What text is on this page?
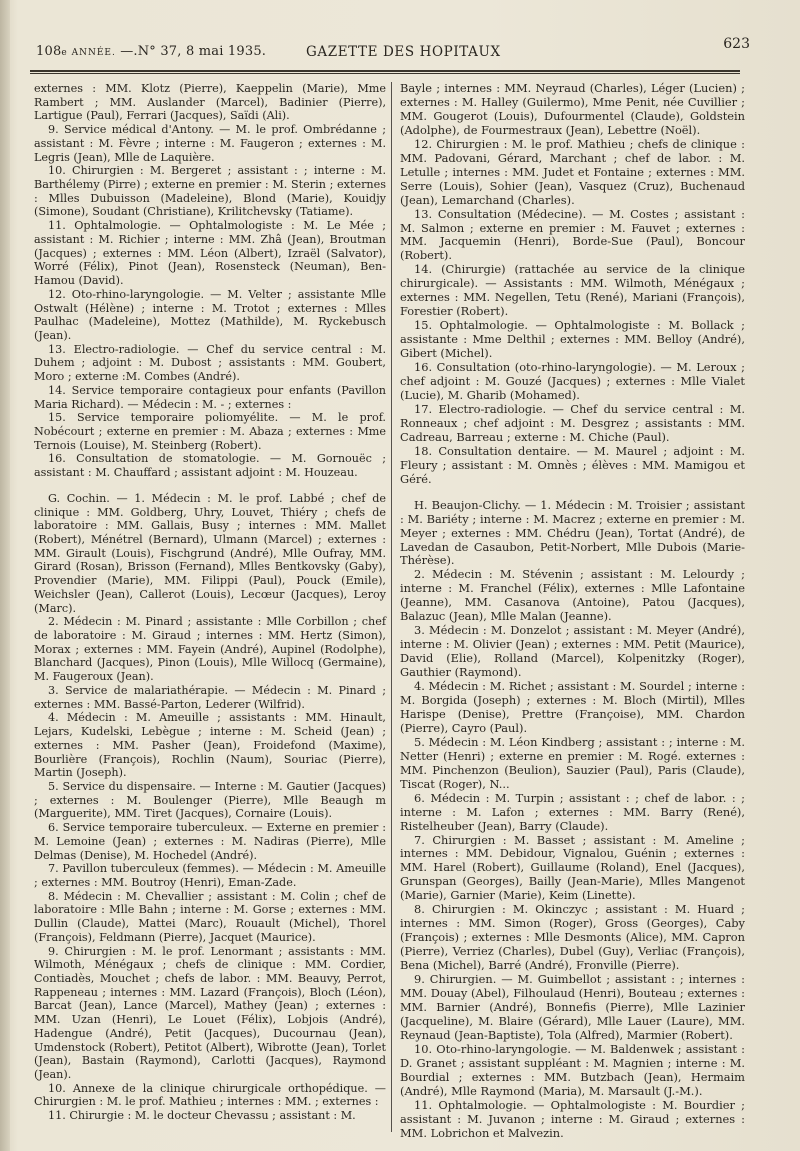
108e ANNÉE. —.N° 37, 8 mai 1935.	GAZETTE DES HOPITAUX	623

externes : MM. Klotz (Pierre), Kaeppelin (Marie), Mme Rambert ; MM. Auslander (Marcel), Badinier (Pierre), Lartigue (Paul), Ferrari (Jacques), Saïdi (Ali).

9. Service médical d'Antony. — M. le prof. Ombrédanne ; assistant : M. Fèvre ; interne : M. Faugeron ; externes : M. Legris (Jean), Mlle de Laquière.

10. Chirurgien : M. Bergeret ; assistant : ; interne : M. Barthélemy (Pirre) ; externe en premier : M. Sterin ; externes : Mlles Dubuisson (Madeleine), Blond (Marie), Kouidjy (Simone), Soudant (Christiane), Krilitchevsky (Tatiame).

11. Ophtalmologie. — Ophtalmologiste : M. Le Mée ; assistant : M. Richier ; interne : MM. Zhâ (Jean), Broutman (Jacques) ; externes : MM. Léon (Albert), Izraël (Salvator), Worré (Félix), Pinot (Jean), Rosensteck (Neuman), Ben-Hamou (David).

12. Oto-rhino-laryngologie. — M. Velter ; assistante Mlle Ostwalt (Hélène) ; interne : M. Trotot ; externes : Mlles Paulhac (Madeleine), Mottez (Mathilde), M. Ryckebusch (Jean).

13. Electro-radiologie. — Chef du service central : M. Duhem ; adjoint : M. Dubost ; assistants : MM. Goubert, Moro ; externe :M. Combes (André).

14. Service temporaire contagieux pour enfants (Pavillon Maria Richard). — Médecin : M. - ; externes :

15. Service temporaire poliomyélite. — M. le prof. Nobécourt ; externe en premier : M. Abaza ; externes : Mme Ternois (Louise), M. Steinberg (Robert).

16. Consultation de stomatologie. — M. Gornouëc ; assistant : M. Chauffard ; assistant adjoint : M. Houzeau.

G. Cochin. — 1. Médecin : M. le prof. Labbé ; chef de clinique : MM. Goldberg, Uhry, Louvet, Thiéry ; chefs de laboratoire : MM. Gallais, Busy ; internes : MM. Mallet (Robert), Ménétrel (Bernard), Ulmann (Marcel) ; externes : MM. Girault (Louis), Fischgrund (André), Mlle Oufray, MM. Girard (Rosan), Brisson (Fernand), Mlles Bentkovsky (Gaby), Provendier (Marie), MM. Filippi (Paul), Pouck (Emile), Weichsler (Jean), Callerot (Louis), Lecœur (Jacques), Leroy (Marc).

2. Médecin : M. Pinard ; assistante : Mlle Corbillon ; chef de laboratoire : M. Giraud ; internes : MM. Hertz (Simon), Morax ; externes : MM. Fayein (André), Aupinel (Rodolphe), Blanchard (Jacques), Pinon (Louis), Mlle Willocq (Germaine), M. Faugeroux (Jean).

3. Service de malariathérapie. — Médecin : M. Pinard ; externes : MM. Bassé-Parton, Lederer (Wilfrid).

4. Médecin : M. Ameuille ; assistants : MM. Hinault, Lejars, Kudelski, Lebègue ; interne : M. Scheid (Jean) ; externes : MM. Pasher (Jean), Froidefond (Maxime), Bourlière (François), Rochlin (Naum), Souriac (Pierre), Martin (Joseph).

5. Service du dispensaire. — Interne : M. Gautier (Jacques) ; externes : M. Boulenger (Pierre), Mlle Beaugh m (Marguerite), MM. Tiret (Jacques), Cornaire (Louis).

6. Service temporaire tuberculeux. — Externe en premier : M. Lemoine (Jean) ; externes : M. Nadiras (Pierre), Mlle Delmas (Denise), M. Hochedel (André).

7. Pavillon tuberculeux (femmes). — Médecin : M. Ameuille ; externes : MM. Boutroy (Henri), Eman-Zade.

8. Médecin : M. Chevallier ; assistant : M. Colin ; chef de laboratoire : Mlle Bahn ; interne : M. Gorse ; externes : MM. Dullin (Claude), Mattei (Marc), Rouault (Michel), Thorel (François), Feldmann (Pierre), Jacquet (Maurice).

9. Chirurgien : M. le prof. Lenormant ; assistants : MM. Wilmoth, Ménégaux ; chefs de clinique : MM. Cordier, Contiadès, Mouchet ; chefs de labor. : MM. Beauvy, Perrot, Rappeneau ; internes : MM. Lazard (François), Bloch (Léon), Barcat (Jean), Lance (Marcel), Mathey (Jean) ; externes : MM. Uzan (Henri), Le Louet (Félix), Lobjois (André), Hadengue (André), Petit (Jacques), Ducournau (Jean), Umdenstock (Robert), Petitot (Albert), Wibrotte (Jean), Torlet (Jean), Bastain (Raymond), Carlotti (Jacques), Raymond (Jean).

10. Annexe de la clinique chirurgicale orthopédique. — Chirurgien : M. le prof. Mathieu ; internes : MM. ; externes :

11. Chirurgie : M. le docteur Chevassu ; assistant : M.

Bayle ; internes : MM. Neyraud (Charles), Léger (Lucien) ; externes : M. Halley (Guilermo), Mme Penit, née Cuvillier ; MM. Gougerot (Louis), Dufourmentel (Claude), Goldstein (Adolphe), de Fourmestraux (Jean), Lebettre (Noël).

12. Chirurgien : M. le prof. Mathieu ; chefs de clinique : MM. Padovani, Gérard, Marchant ; chef de labor. : M. Letulle ; internes : MM. Judet et Fontaine ; externes : MM. Serre (Louis), Sohier (Jean), Vasquez (Cruz), Buchenaud (Jean), Lemarchand (Charles).

13. Consultation (Médecine). — M. Costes ; assistant : M. Salmon ; externe en premier : M. Fauvet ; externes : MM. Jacquemin (Henri), Borde-Sue (Paul), Boncour (Robert).

14. (Chirurgie) (rattachée au service de la clinique chirurgicale). — Assistants : MM. Wilmoth, Ménégaux ; externes : MM. Negellen, Tetu (René), Mariani (François), Forestier (Robert).

15. Ophtalmologie. — Ophtalmologiste : M. Bollack ; assistante : Mme Delthil ; externes : MM. Belloy (André), Gibert (Michel).

16. Consultation (oto-rhino-laryngologie). — M. Leroux ; chef adjoint : M. Gouzé (Jacques) ; externes : Mlle Vialet (Lucie), M. Gharib (Mohamed).

17. Electro-radiologie. — Chef du service central : M. Ronneaux ; chef adjoint : M. Desgrez ; assistants : MM. Cadreau, Barreau ; externe : M. Chiche (Paul).

18. Consultation dentaire. — M. Maurel ; adjoint : M. Fleury ; assistant : M. Omnès ; élèves : MM. Mamigou et Géré.

H. Beaujon-Clichy. — 1. Médecin : M. Troisier ; assistant : M. Bariéty ; interne : M. Macrez ; externe en premier : M. Meyer ; externes : MM. Chédru (Jean), Tortat (André), de Lavedan de Casaubon, Petit-Norbert, Mlle Dubois (Marie-Thérèse).

2. Médecin : M. Stévenin ; assistant : M. Lelourdy ; interne : M. Franchel (Félix), externes : Mlle Lafontaine (Jeanne), MM. Casanova (Antoine), Patou (Jacques), Balazuc (Jean), Mlle Malan (Jeanne).

3. Médecin : M. Donzelot ; assistant : M. Meyer (André), interne : M. Olivier (Jean) ; externes : MM. Petit (Maurice), David (Elie), Rolland (Marcel), Kolpenitzky (Roger), Gauthier (Raymond).

4. Médecin : M. Richet ; assistant : M. Sourdel ; interne : M. Borgida (Joseph) ; externes : M. Bloch (Mirtil), Mlles Harispe (Denise), Prettre (Françoise), MM. Chardon (Pierre), Cayro (Paul).

5. Médecin : M. Léon Kindberg ; assistant : ; interne : M. Netter (Henri) ; externe en premier : M. Rogé. externes : MM. Pinchenzon (Beulion), Sauzier (Paul), Paris (Claude), Tiscat (Roger), N...

6. Médecin : M. Turpin ; assistant : ; chef de labor. : ; interne : M. Lafon ; externes : MM. Barry (René), Ristelheuber (Jean), Barry (Claude).

7. Chirurgien : M. Basset ; assistant : M. Ameline ; internes : MM. Debidour, Vignalou, Guénin ; externes : MM. Harel (Robert), Guillaume (Roland), Enel (Jacques), Grunspan (Georges), Bailly (Jean-Marie), Mlles Mangenot (Marie), Garnier (Marie), Keim (Linette).

8. Chirurgien : M. Okinczyc ; assistant : M. Huard ; internes : MM. Simon (Roger), Gross (Georges), Caby (François) ; externes : Mlle Desmonts (Alice), MM. Capron (Pierre), Verriez (Charles), Dubel (Guy), Verliac (François), Bena (Michel), Barré (André), Fronville (Pierre).

9. Chirurgien. — M. Guimbellot ; assistant : ; internes : MM. Douay (Abel), Filhoulaud (Henri), Bouteau ; externes : MM. Barnier (André), Bonnefis (Pierre), Mlle Lazinier (Jacqueline), M. Blaire (Gérard), Mlle Lauer (Laure), MM. Reynaud (Jean-Baptiste), Tola (Alfred), Marmier (Robert).

10. Oto-rhino-laryngologie. — M. Baldenwek ; assistant : D. Granet ; assistant suppléant : M. Magnien ; interne : M. Bourdial ; externes : MM. Butzbach (Jean), Hermaim (André), Mlle Raymond (Maria), M. Marsault (J.-M.).

11. Ophtalmologie. — Ophtalmologiste : M. Bourdier ; assistant : M. Juvanon ; interne : M. Giraud ; externes : MM. Lobrichon et Malvezin.
